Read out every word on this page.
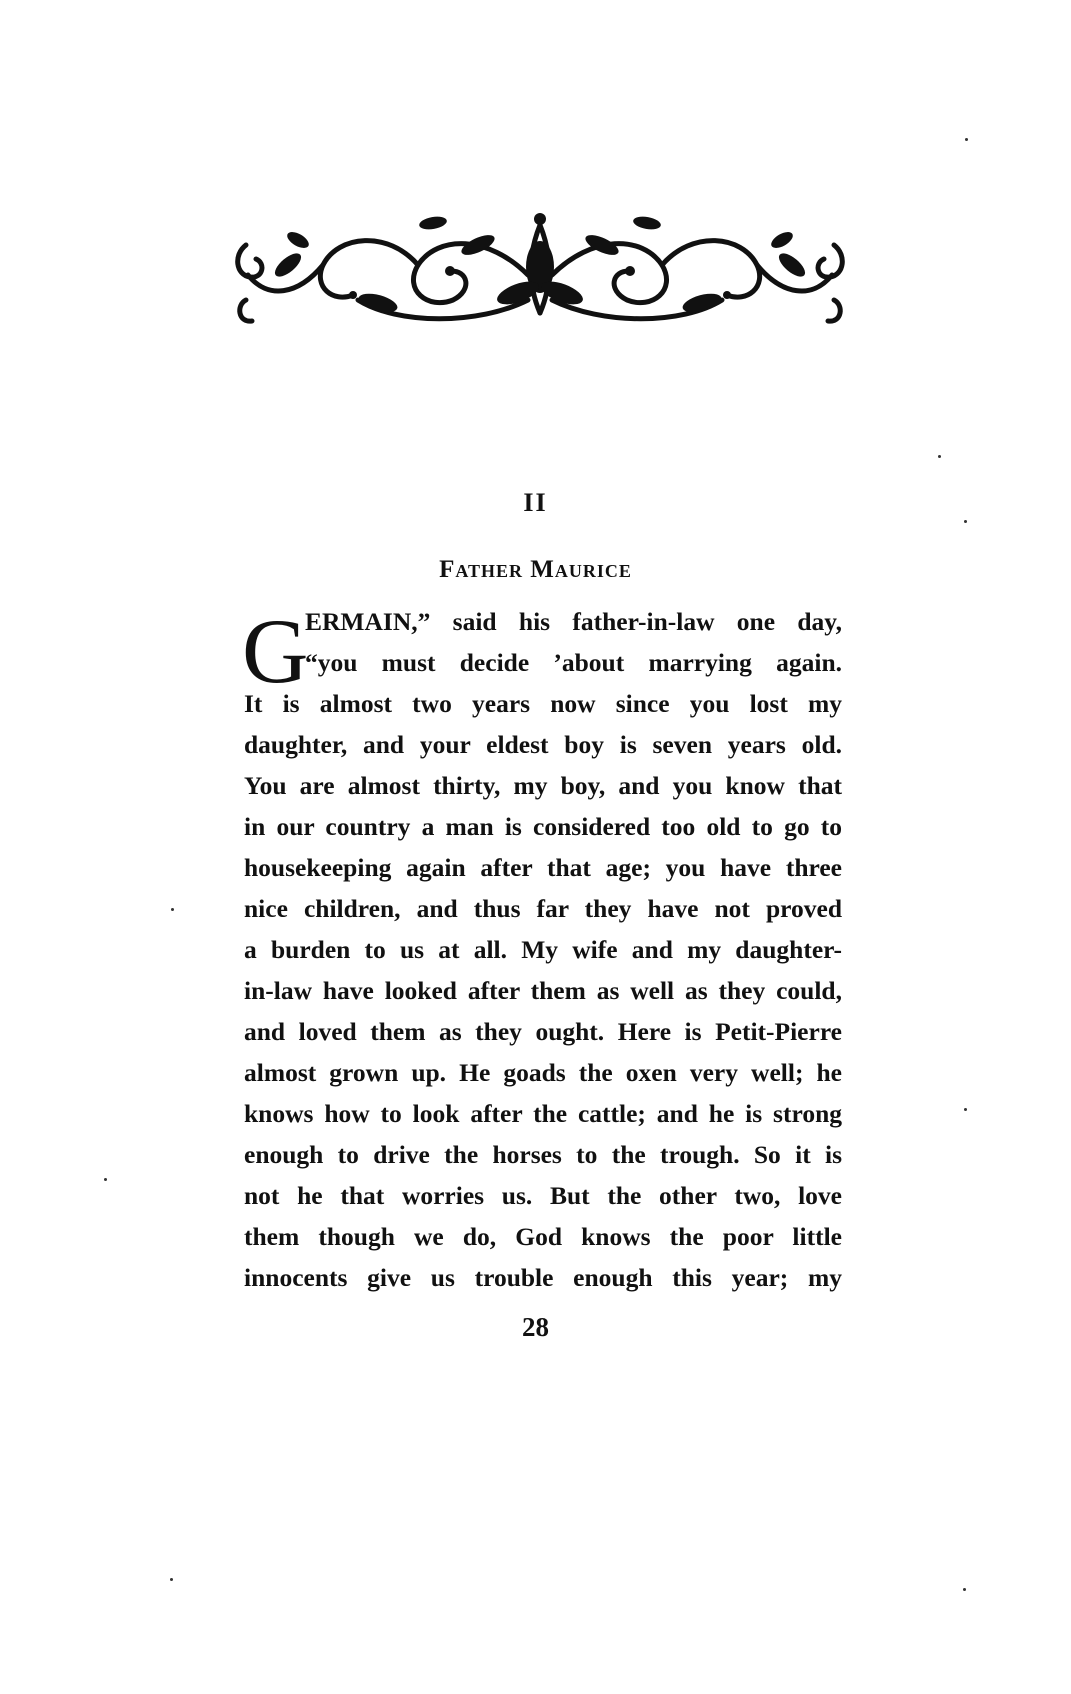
II
Father Maurice
G
ERMAIN,” said his father-in-law one day,
“you must decide ’about marrying again.
It is almost two years now since you lost my
daughter, and your eldest boy is seven years old.
You are almost thirty, my boy, and you know that
in our country a man is considered too old to go to
housekeeping again after that age; you have three
nice children, and thus far they have not proved
a burden to us at all. My wife and my daughter-
in-law have looked after them as well as they could,
and loved them as they ought. Here is Petit-Pierre
almost grown up. He goads the oxen very well; he
knows how to look after the cattle; and he is strong
enough to drive the horses to the trough. So it is
not he that worries us. But the other two, love
them though we do, God knows the poor little
innocents give us trouble enough this year; my
28
